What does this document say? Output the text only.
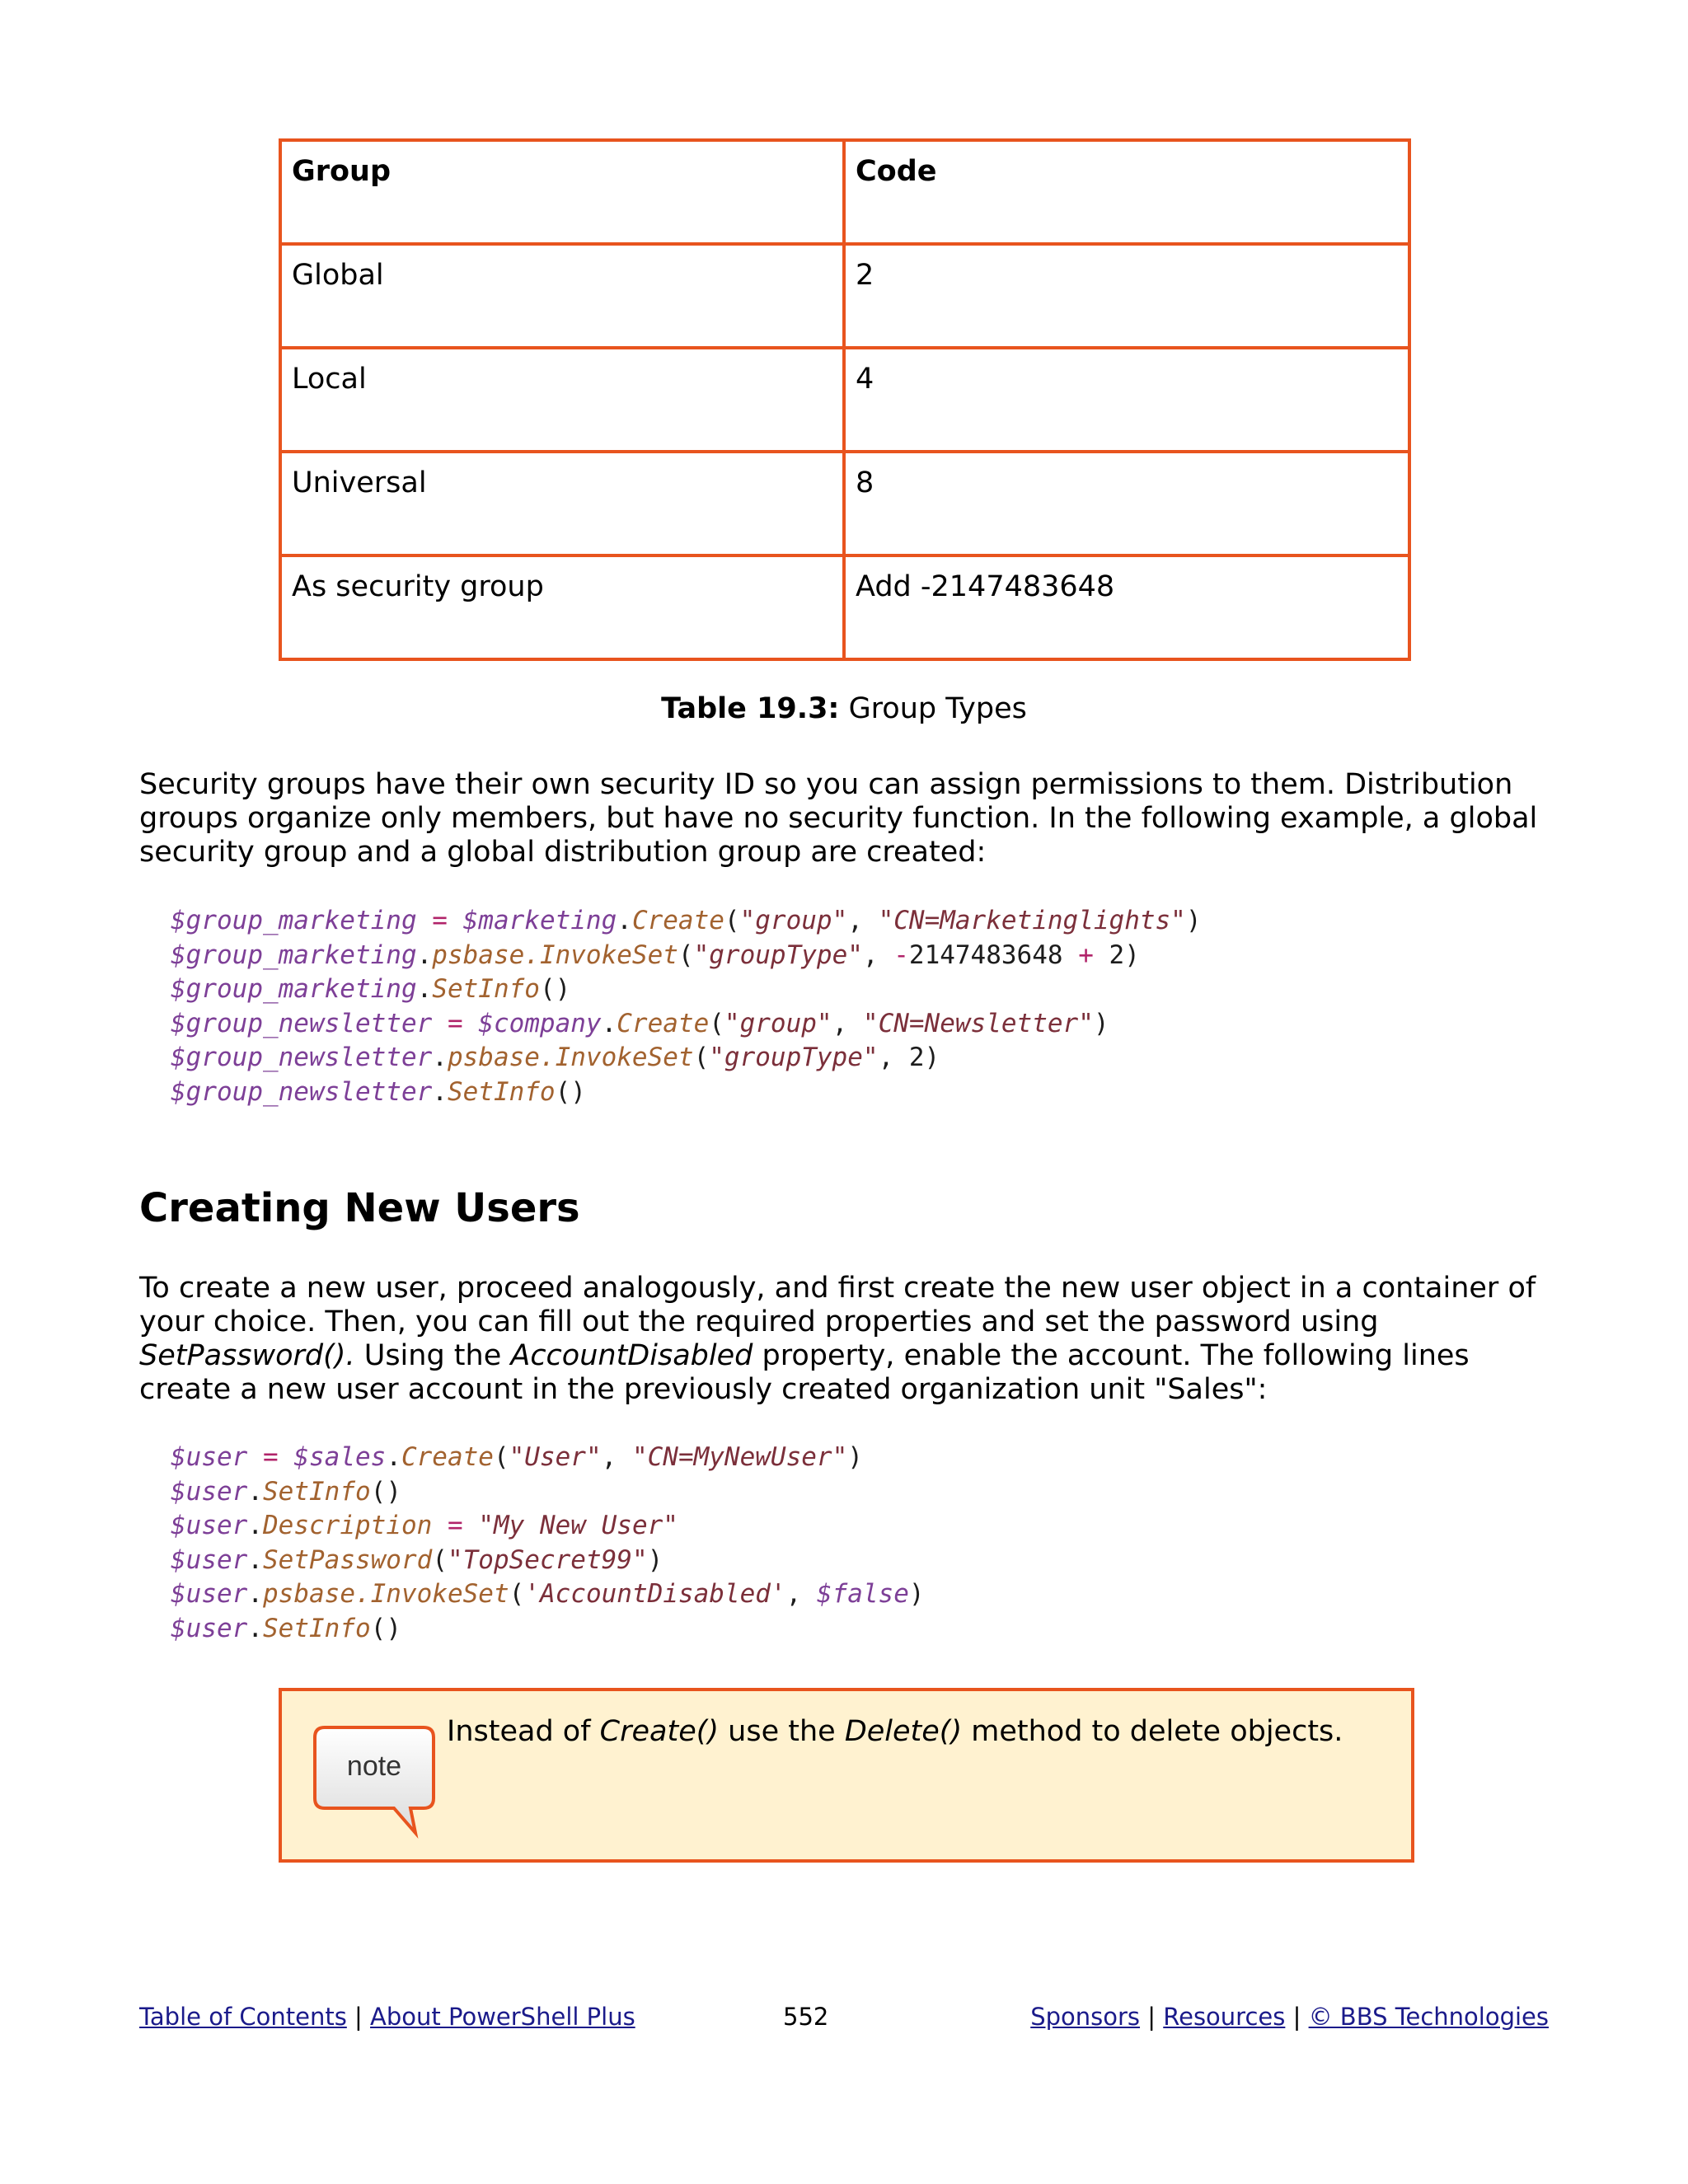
Group	Code
Global	2
Local	4
Universal	8
As security group	Add -2147483648
Table 19.3: Group Types

Security groups have their own security ID so you can assign permissions to them. Distribution groups organize only members, but have no security function. In the following example, a global security group and a global distribution group are created:

$group_marketing = $marketing.Create("group", "CN=Marketinglights")
$group_marketing.psbase.InvokeSet("groupType", -2147483648 + 2)
$group_marketing.SetInfo()
$group_newsletter = $company.Create("group", "CN=Newsletter")
$group_newsletter.psbase.InvokeSet("groupType", 2)
$group_newsletter.SetInfo()
Creating New Users

To create a new user, proceed analogously, and first create the new user object in a container of your choice. Then, you can fill out the required properties and set the password using SetPassword(). Using the AccountDisabled property, enable the account. The following lines create a new user account in the previously created organization unit "Sales":

$user = $sales.Create("User", "CN=MyNewUser")
$user.SetInfo()
$user.Description = "My New User"
$user.SetPassword("TopSecret99")
$user.psbase.InvokeSet('AccountDisabled', $false)
$user.SetInfo()
note
Instead of Create() use the Delete() method to delete objects.
Table of Contents | About PowerShell Plus	552	Sponsors | Resources | © BBS Technologies
